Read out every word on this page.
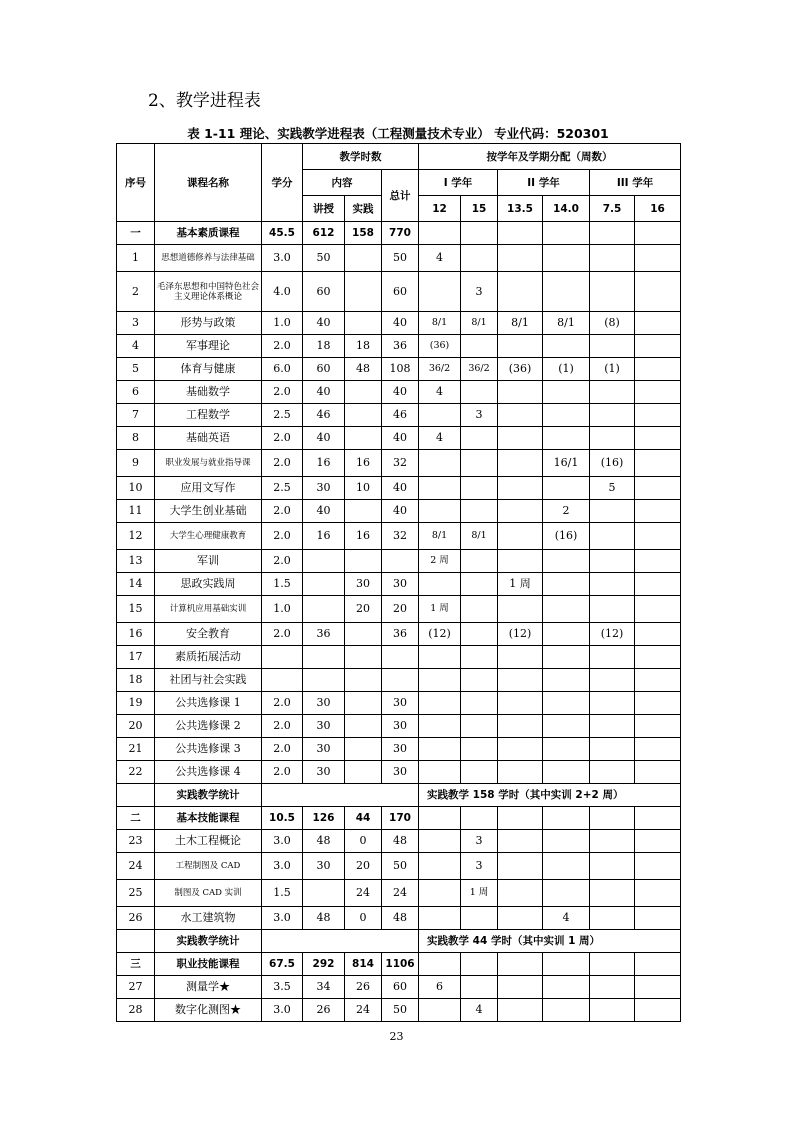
2、教学进程表
表 1-11 理论、实践教学进程表（工程测量技术专业） 专业代码：520301
序号	课程名称	学分	教学时数			按学年及学期分配（周数）					
			内容		总计	I 学年		II 学年		III 学年	
			讲授	实践		12	15	13.5	14.0	7.5	16
一	基本素质课程	45.5	612	158	770						
1	思想道德修养与法律基础	3.0	50		50	4					
2	毛泽东思想和中国特色社会主义理论体系概论	4.0	60		60		3				
3	形势与政策	1.0	40		40	8/1	8/1	8/1	8/1	(8)	
4	军事理论	2.0	18	18	36	(36)					
5	体育与健康	6.0	60	48	108	36/2	36/2	(36)	(1)	(1)	
6	基础数学	2.0	40		40	4					
7	工程数学	2.5	46		46		3				
8	基础英语	2.0	40		40	4					
9	职业发展与就业指导课	2.0	16	16	32				16/1	(16)	
10	应用文写作	2.5	30	10	40					5	
11	大学生创业基础	2.0	40		40				2		
12	大学生心理健康教育	2.0	16	16	32	8/1	8/1		(16)		
13	军训	2.0				2 周					
14	思政实践周	1.5		30	30			1 周			
15	计算机应用基础实训	1.0		20	20	1 周					
16	安全教育	2.0	36		36	(12)		(12)		(12)	
17	素质拓展活动										
18	社团与社会实践										
19	公共选修课 1	2.0	30		30						
20	公共选修课 2	2.0	30		30						
21	公共选修课 3	2.0	30		30						
22	公共选修课 4	2.0	30		30						
	实践教学统计					实践教学 158 学时（其中实训 2+2 周）					
二	基本技能课程	10.5	126	44	170						
23	土木工程概论	3.0	48	0	48		3				
24	工程制图及 CAD	3.0	30	20	50		3				
25	制图及 CAD 实训	1.5		24	24		1 周				
26	水工建筑物	3.0	48	0	48				4		
	实践教学统计					实践教学 44 学时（其中实训 1 周）					
三	职业技能课程	67.5	292	814	1106						
27	测量学★	3.5	34	26	60	6					
28	数字化测图★	3.0	26	24	50		4				
23
